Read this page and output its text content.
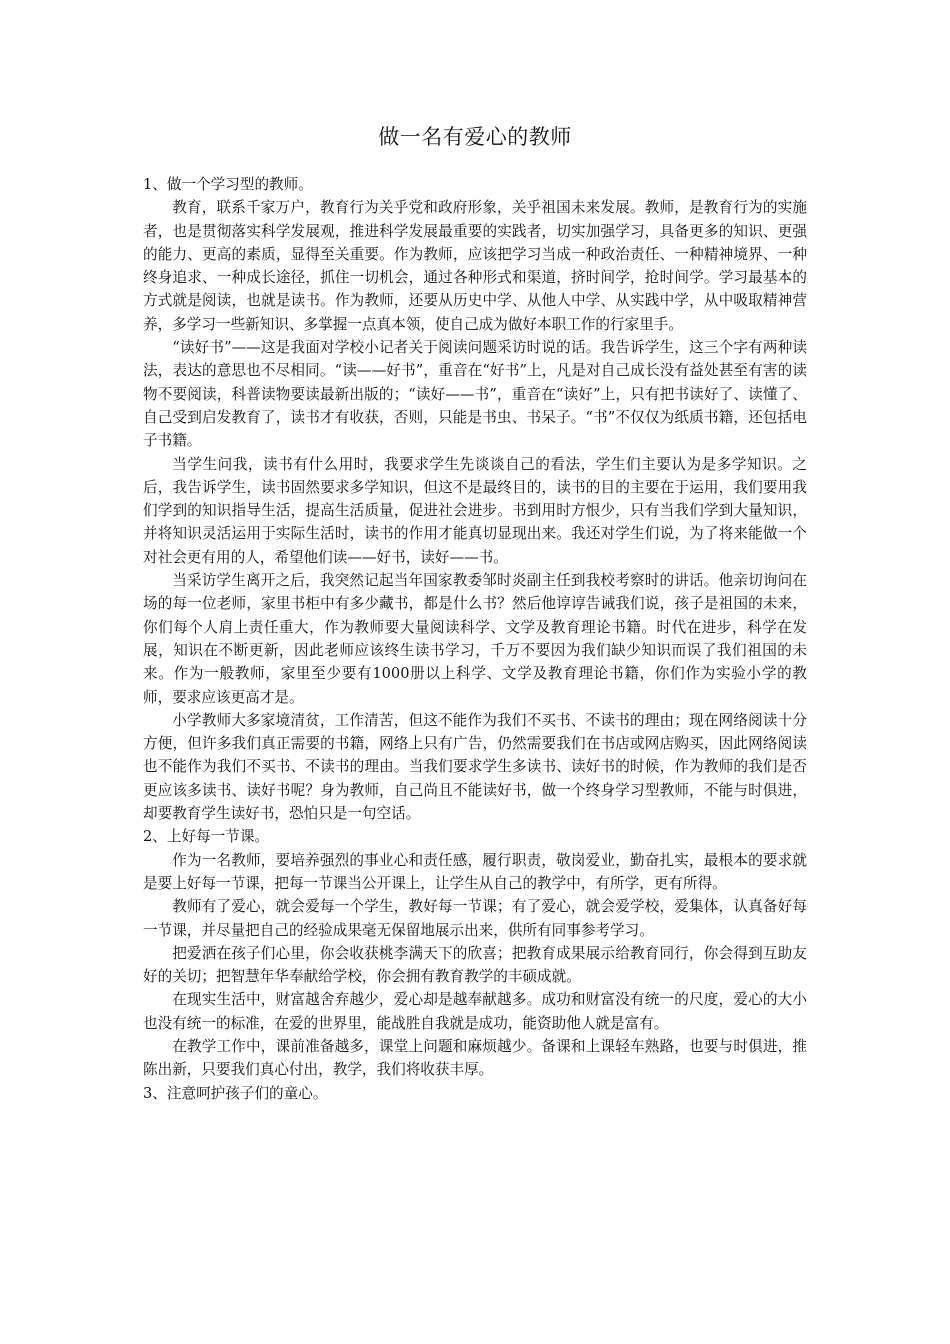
做一名有爱心的教师

1、做一个学习型的教师。

教育，联系千家万户，教育行为关乎党和政府形象，关乎祖国未来发展。教师，是教育行为的实施者，也是贯彻落实科学发展观，推进科学发展最重要的实践者，切实加强学习，具备更多的知识、更强的能力、更高的素质，显得至关重要。作为教师，应该把学习当成一种政治责任、一种精神境界、一种终身追求、一种成长途径，抓住一切机会，通过各种形式和渠道，挤时间学，抢时间学。学习最基本的方式就是阅读，也就是读书。作为教师，还要从历史中学、从他人中学、从实践中学，从中吸取精神营养，多学习一些新知识、多掌握一点真本领，使自己成为做好本职工作的行家里手。

“读好书”——这是我面对学校小记者关于阅读问题采访时说的话。我告诉学生，这三个字有两种读法，表达的意思也不尽相同。“读——好书”，重音在“好书”上，凡是对自己成长没有益处甚至有害的读物不要阅读，科普读物要读最新出版的；“读好——书”，重音在“读好”上，只有把书读好了、读懂了、自己受到启发教育了，读书才有收获，否则，只能是书虫、书呆子。“书”不仅仅为纸质书籍，还包括电子书籍。

当学生问我，读书有什么用时，我要求学生先谈谈自己的看法，学生们主要认为是多学知识。之后，我告诉学生，读书固然要求多学知识，但这不是最终目的，读书的目的主要在于运用，我们要用我们学到的知识指导生活，提高生活质量，促进社会进步。书到用时方恨少，只有当我们学到大量知识，并将知识灵活运用于实际生活时，读书的作用才能真切显现出来。我还对学生们说，为了将来能做一个对社会更有用的人，希望他们读——好书，读好——书。

当采访学生离开之后，我突然记起当年国家教委邹时炎副主任到我校考察时的讲话。他亲切询问在场的每一位老师，家里书柜中有多少藏书，都是什么书？然后他谆谆告诫我们说，孩子是祖国的未来，你们每个人肩上责任重大，作为教师要大量阅读科学、文学及教育理论书籍。时代在进步，科学在发展，知识在不断更新，因此老师应该终生读书学习，千万不要因为我们缺少知识而误了我们祖国的未来。作为一般教师，家里至少要有1000册以上科学、文学及教育理论书籍，你们作为实验小学的教师，要求应该更高才是。

小学教师大多家境清贫，工作清苦，但这不能作为我们不买书、不读书的理由；现在网络阅读十分方便，但许多我们真正需要的书籍，网络上只有广告，仍然需要我们在书店或网店购买，因此网络阅读也不能作为我们不买书、不读书的理由。当我们要求学生多读书、读好书的时候，作为教师的我们是否更应该多读书、读好书呢？身为教师，自己尚且不能读好书，做一个终身学习型教师，不能与时俱进，却要教育学生读好书，恐怕只是一句空话。

2、上好每一节课。

作为一名教师，要培养强烈的事业心和责任感，履行职责，敬岗爱业，勤奋扎实，最根本的要求就是要上好每一节课，把每一节课当公开课上，让学生从自己的教学中，有所学，更有所得。

教师有了爱心，就会爱每一个学生，教好每一节课；有了爱心，就会爱学校，爱集体，认真备好每一节课，并尽量把自己的经验成果毫无保留地展示出来，供所有同事参考学习。

把爱洒在孩子们心里，你会收获桃李满天下的欣喜；把教育成果展示给教育同行，你会得到互助友好的关切；把智慧年华奉献给学校，你会拥有教育教学的丰硕成就。

在现实生活中，财富越舍弃越少，爱心却是越奉献越多。成功和财富没有统一的尺度，爱心的大小也没有统一的标准，在爱的世界里，能战胜自我就是成功，能资助他人就是富有。

在教学工作中，课前准备越多，课堂上问题和麻烦越少。备课和上课轻车熟路，也要与时俱进，推陈出新，只要我们真心付出，教学，我们将收获丰厚。

3、注意呵护孩子们的童心。
